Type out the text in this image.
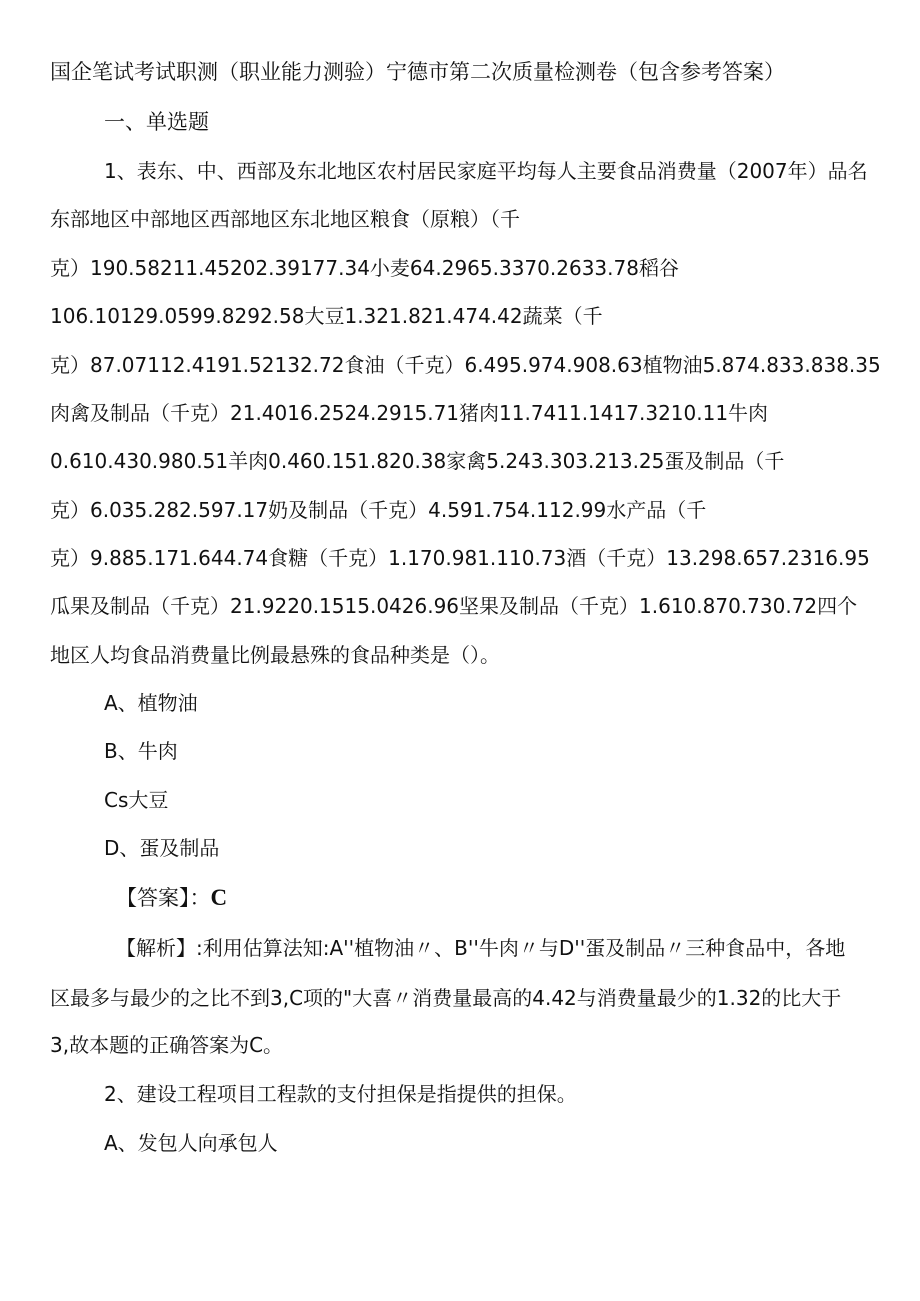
国企笔试考试职测（职业能力测验）宁德市第二次质量检测卷（包含参考答案）
一、单选题
1、表东、中、西部及东北地区农村居民家庭平均每人主要食品消费量（2007年）品名
东部地区中部地区西部地区东北地区粮食（原粮）（千
克）190.58211.45202.39177.34小麦64.2965.3370.2633.78稻谷
106.10129.0599.8292.58大豆1.321.821.474.42蔬菜（千
克）87.07112.4191.52132.72食油（千克）6.495.974.908.63植物油5.874.833.838.35
肉禽及制品（千克）21.4016.2524.2915.71猪肉11.7411.1417.3210.11牛肉
0.610.430.980.51羊肉0.460.151.820.38家禽5.243.303.213.25蛋及制品（千
克）6.035.282.597.17奶及制品（千克）4.591.754.112.99水产品（千
克）9.885.171.644.74食糖（千克）1.170.981.110.73酒（千克）13.298.657.2316.95
瓜果及制品（千克）21.9220.1515.0426.96坚果及制品（千克）1.610.870.730.72四个
地区人均食品消费量比例最悬殊的食品种类是（）。
A、植物油
B、牛肉
Cs大豆
D、蛋及制品
【答案】：C
【解析】:利用估算法知:A''植物油〃、B''牛肉〃与D''蛋及制品〃三种食品中，各地
区最多与最少的之比不到3,C项的"大喜〃消费量最高的4.42与消费量最少的1.32的比大于
3,故本题的正确答案为C。
2、建设工程项目工程款的支付担保是指提供的担保。
A、发包人向承包人
